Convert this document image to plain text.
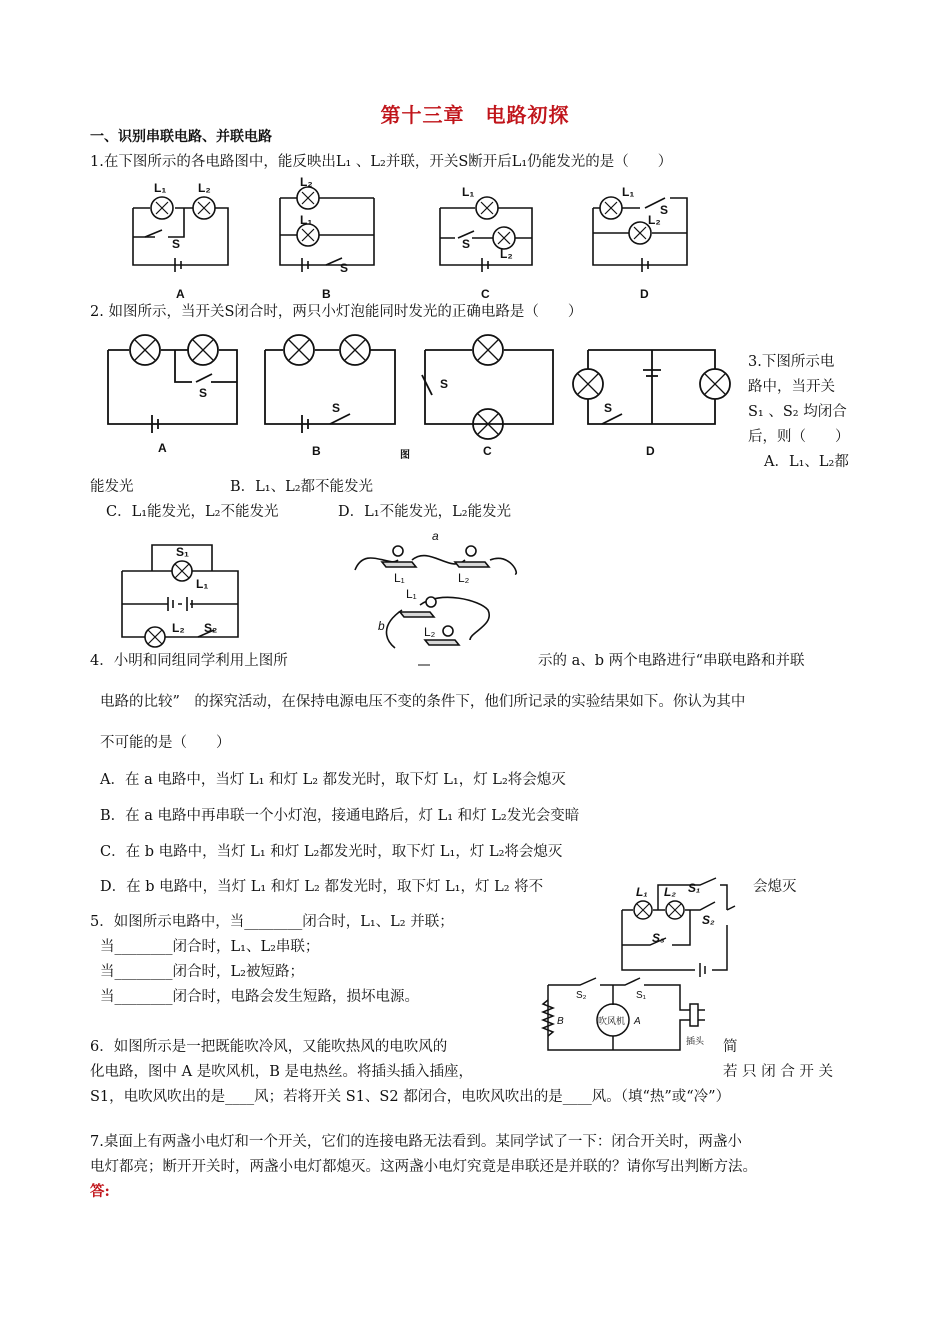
第十三章　电路初探
一、识别串联电路、并联电路
1.在下图所示的各电路图中，能反映出L₁ 、L₂并联，开关S断开后L₁仍能发光的是（　　）
L₁	L₂
S
L₂
L₁
S
L₁
S
L₂
L₁
L₂
S
A	B	C	D
2. 如图所示，当开关S闭合时，两只小灯泡能同时发光的正确电路是（　　）
S
S
S
S
A	B	C	D
图
3.下图所示电
路中，当开关
S₁ 、S₂ 均闭合
后，则（　　）
A．L₁、L₂都
能发光	B．L₁、L₂都不能发光
C．L₁能发光，L₂不能发光	D．L₁不能发光，L₂能发光
S₁
L₁
L₂ S₂
a
L₁	L₂
b
L₁
L₂
4．小明和同组同学利用上图所	示的 a、b 两个电路进行“串联电路和并联
电路的比较”　的探究活动，在保持电源电压不变的条件下，他们所记录的实验结果如下。你认为其中
不可能的是（　　）
A．在 a 电路中，当灯 L₁ 和灯 L₂ 都发光时，取下灯 L₁，灯 L₂将会熄灭
B．在 a 电路中再串联一个小灯泡，接通电路后，灯 L₁ 和灯 L₂发光会变暗
C．在 b 电路中，当灯 L₁ 和灯 L₂都发光时，取下灯 L₁，灯 L₂将会熄灭
D．在 b 电路中，当灯 L₁ 和灯 L₂ 都发光时，取下灯 L₁，灯 L₂ 将不	会熄灭
5．如图所示电路中，当________闭合时，L₁、L₂ 并联；
当________闭合时，L₁、L₂串联；
当________闭合时，L₂被短路；
当________闭合时，电路会发生短路，损坏电源。
L₁ L₂ S₁
S₂
S₃
S₂	S₁
B	A
吹风机
插头
6．如图所示是一把既能吹冷风，又能吹热风的电吹风的	简
化电路，图中 A 是吹风机，B 是电热丝。将插头插入插座，	若 只 闭 合 开 关
S1，电吹风吹出的是____风；若将开关 S1、S2 都闭合，电吹风吹出的是____风。（填“热”或“冷”）
7.桌面上有两盏小电灯和一个开关，它们的连接电路无法看到。某同学试了一下：闭合开关时，两盏小
电灯都亮；断开开关时，两盏小电灯都熄灭。这两盏小电灯究竟是串联还是并联的？请你写出判断方法。
答:
